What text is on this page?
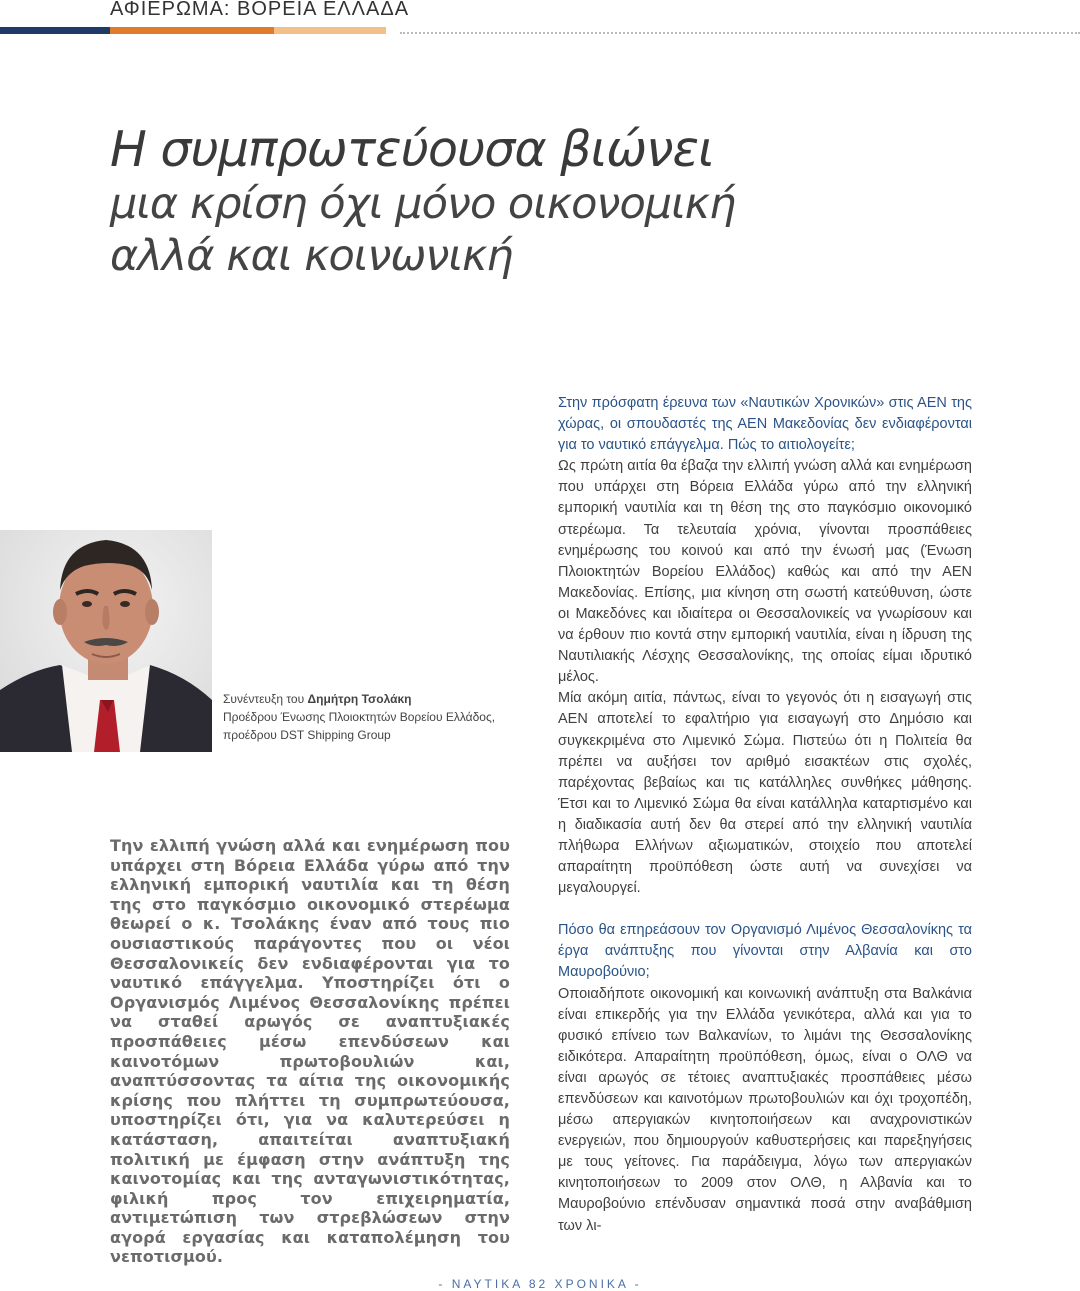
ΑΦΙΕΡΩΜΑ: ΒΟΡΕΙΑ ΕΛΛΑΔΑ
Η συμπρωτεύουσα βιώνει
μια κρίση όχι μόνο οικονομική
αλλά και κοινωνική
Συνέντευξη του Δημήτρη Τσολάκη
Προέδρου Ένωσης Πλοιοκτητών Βορείου Ελλάδος,
προέδρου DST Shipping Group
Την ελλιπή γνώση αλλά και ενημέρωση που υπάρχει στη Βόρεια Ελλάδα γύρω από την ελληνική εμπορική ναυτιλία και τη θέση της στο παγκόσμιο οικονομικό στερέωμα θεωρεί ο κ. Τσολάκης έναν από τους πιο ουσιαστικούς παράγοντες που οι νέοι Θεσσαλονικείς δεν ενδιαφέρονται για το ναυτικό επάγγελμα. Υποστηρίζει ότι ο Οργανισμός Λιμένος Θεσσαλονίκης πρέπει να σταθεί αρωγός σε αναπτυξιακές προσπάθειες μέσω επενδύσεων και καινοτόμων πρωτοβουλιών και, αναπτύσσοντας τα αίτια της οικονομικής κρίσης που πλήττει τη συμπρωτεύουσα, υποστηρίζει ότι, για να καλυτερεύσει η κατάσταση, απαιτείται αναπτυξιακή πολιτική με έμφαση στην ανάπτυξη της καινοτομίας και της ανταγωνιστικότητας, φιλική προς τον επιχειρηματία, αντιμετώπιση των στρεβλώσεων στην αγορά εργασίας και καταπολέμηση του νεποτισμού.

Στην πρόσφατη έρευνα των «Ναυτικών Χρονικών» στις ΑΕΝ της χώρας, οι σπουδαστές της ΑΕΝ Μακεδονίας δεν ενδιαφέρονται για το ναυτικό επάγγελμα. Πώς το αιτιολογείτε;

Ως πρώτη αιτία θα έβαζα την ελλιπή γνώση αλλά και ενημέρωση που υπάρχει στη Βόρεια Ελλάδα γύρω από την ελληνική εμπορική ναυτιλία και τη θέση της στο παγκόσμιο οικονομικό στερέωμα. Τα τελευταία χρόνια, γίνονται προσπάθειες ενημέρωσης του κοινού και από την ένωσή μας (Ένωση Πλοιοκτητών Βορείου Ελλάδος) καθώς και από την ΑΕΝ Μακεδονίας. Επίσης, μια κίνηση στη σωστή κατεύθυνση, ώστε οι Μακεδόνες και ιδιαίτερα οι Θεσσαλονικείς να γνωρίσουν και να έρθουν πιο κοντά στην εμπορική ναυτιλία, είναι η ίδρυση της Ναυτιλιακής Λέσχης Θεσσαλονίκης, της οποίας είμαι ιδρυτικό μέλος.

Μία ακόμη αιτία, πάντως, είναι το γεγονός ότι η εισαγωγή στις ΑΕΝ αποτελεί το εφαλτήριο για εισαγωγή στο Δημόσιο και συγκεκριμένα στο Λιμενικό Σώμα. Πιστεύω ότι η Πολιτεία θα πρέπει να αυξήσει τον αριθμό εισακτέων στις σχολές, παρέχοντας βεβαίως και τις κατάλληλες συνθήκες μάθησης. Έτσι και το Λιμενικό Σώμα θα είναι κατάλληλα καταρτισμένο και η διαδικασία αυτή δεν θα στερεί από την ελληνική ναυτιλία πλήθωρα Ελλήνων αξιωματικών, στοιχείο που αποτελεί απαραίτητη προϋπόθεση ώστε αυτή να συνεχίσει να μεγαλουργεί.

Πόσο θα επηρεάσουν τον Οργανισμό Λιμένος Θεσσαλονίκης τα έργα ανάπτυξης που γίνονται στην Αλβανία και στο Μαυροβούνιο;

Οποιαδήποτε οικονομική και κοινωνική ανάπτυξη στα Βαλκάνια είναι επικερδής για την Ελλάδα γενικότερα, αλλά και για το φυσικό επίνειο των Βαλκανίων, το λιμάνι της Θεσσαλονίκης ειδικότερα. Απαραίτητη προϋπόθεση, όμως, είναι ο ΟΛΘ να είναι αρωγός σε τέτοιες αναπτυξιακές προσπάθειες μέσω επενδύσεων και καινοτόμων πρωτοβουλιών και όχι τροχοπέδη, μέσω απεργιακών κινητοποιήσεων και αναχρονιστικών ενεργειών, που δημιουργούν καθυστερήσεις και παρεξηγήσεις με τους γείτονες. Για παράδειγμα, λόγω των απεργιακών κινητοποιήσεων το 2009 στον ΟΛΘ, η Αλβανία και το Μαυροβούνιο επένδυσαν σημαντικά ποσά στην αναβάθμιση των λι-

- ΝΑΥΤΙΚΑ 82 ΧΡΟΝΙΚΑ -
